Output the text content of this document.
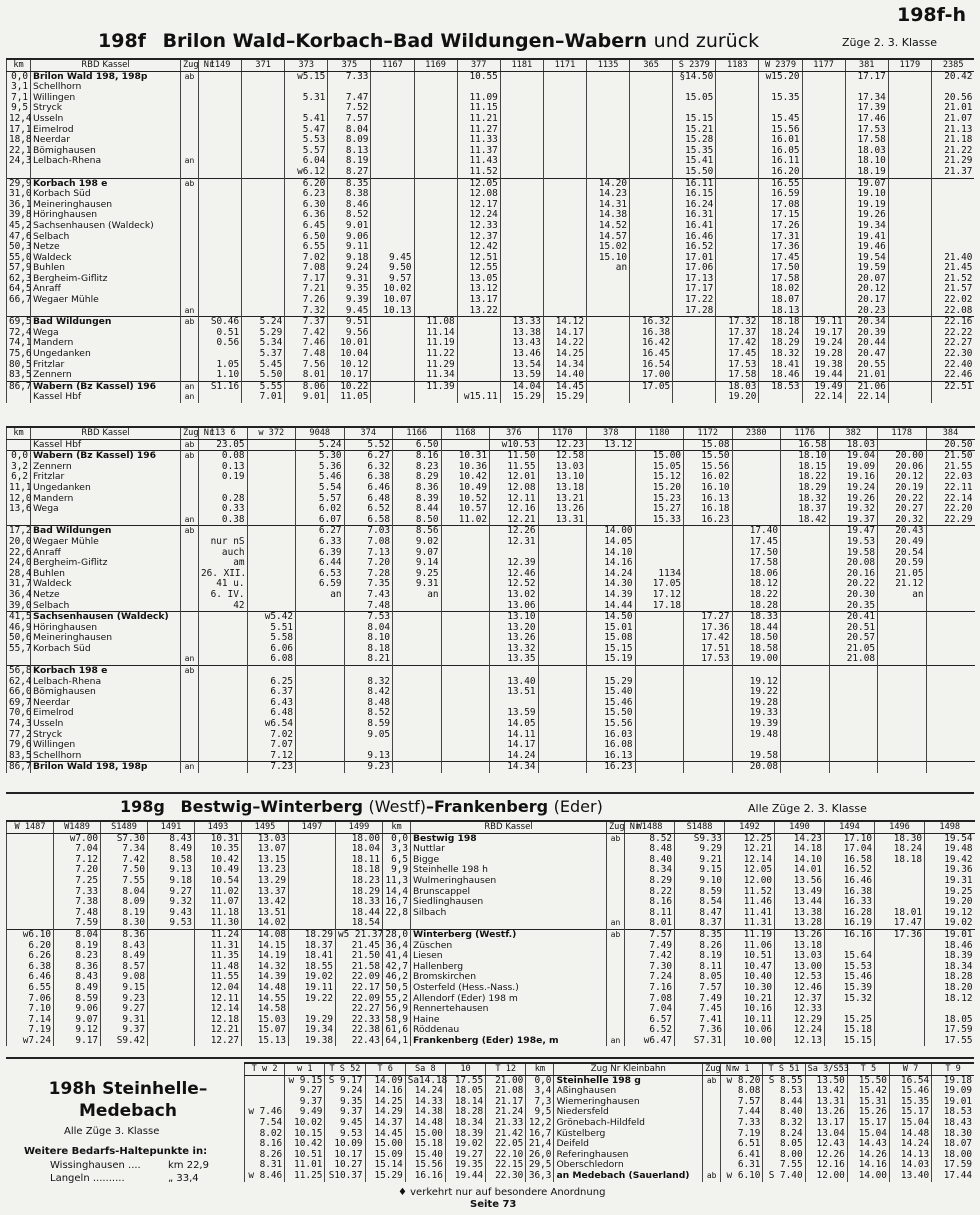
198f-h
198f Brilon Wald–Korbach–Bad Wildungen–Wabern und zurück	Züge 2. 3. Klasse
km	RBD Kassel	Zug Nr	1149	371	373	375	1167	1169	377	1181	1171	1135	365	S 2379	1183	W 2379	1177	381	1179	2385
0,0	Brilon Wald 198, 198p	ab			w5.15	7.33			10.55					§14.50		w15.20		17.17		20.42
3,1	Schellhorn																			
7,1	Willingen				5.31	7.47			11.09					15.05		15.35		17.34		20.56
9,5	Stryck					7.52			11.15									17.39		21.01
12,4	Usseln				5.41	7.57			11.21					15.15		15.45		17.46		21.07
17,1	Eimelrod				5.47	8.04			11.27					15.21		15.56		17.53		21.13
18,8	Neerdar				5.53	8.09			11.33					15.28		16.01		17.58		21.18
22,1	Bömighausen				5.57	8.13			11.37					15.35		16.05		18.03		21.22
24,3	Lelbach-Rhena	an			6.04	8.19			11.43					15.41		16.11		18.10		21.29
					w6.12	8.27			11.52					15.50		16.20		18.19		21.37
29,9	Korbach 198 e	ab			6.20	8.35			12.05			14.20		16.11		16.55		19.07		
31,0	Korbach Süd				6.23	8.38			12.08			14.23		16.15		16.59		19.10		
36,1	Meineringhausen				6.30	8.46			12.17			14.31		16.24		17.08		19.19		
39,8	Höringhausen				6.36	8.52			12.24			14.38		16.31		17.15		19.26		
45,2	Sachsenhausen (Waldeck)				6.45	9.01			12.33			14.52		16.41		17.26		19.34		
47,6	Selbach				6.50	9.06			12.37			14.57		16.46		17.31		19.41		
50,3	Netze				6.55	9.11			12.42			15.02		16.52		17.36		19.46		
55,0	Waldeck				7.02	9.18	9.45		12.51			15.10		17.01		17.45		19.54		21.40
57,9	Buhlen				7.08	9.24	9.50		12.55			an		17.06		17.50		19.59		21.45
62,3	Bergheim-Giflitz				7.17	9.31	9.57		13.05					17.13		17.58		20.07		21.52
64,5	Anraff				7.21	9.35	10.02		13.12					17.17		18.02		20.12		21.57
66,7	Wegaer Mühle				7.26	9.39	10.07		13.17					17.22		18.07		20.17		22.02
		an			7.32	9.45	10.13		13.22					17.28		18.13		20.23		22.08
69,5	Bad Wildungen	ab	S0.46	5.24	7.37	9.51		11.08		13.33	14.12		16.32		17.32	18.18	19.11	20.34		22.16
72,4	Wega		0.51	5.29	7.42	9.56		11.14		13.38	14.17		16.38		17.37	18.24	19.17	20.39		22.22
74,1	Mandern		0.56	5.34	7.46	10.01		11.19		13.43	14.22		16.42		17.42	18.29	19.24	20.44		22.27
75,6	Ungedanken			5.37	7.48	10.04		11.22		13.46	14.25		16.45		17.45	18.32	19.28	20.47		22.30
80,5	Fritzlar		1.05	5.45	7.56	10.12		11.29		13.54	14.34		16.54		17.53	18.41	19.38	20.55		22.40
83,5	Zennern		1.10	5.50	8.01	10.17		11.34		13.59	14.40		17.00		17.58	18.46	19.44	21.01		22.46
86,7	Wabern (Bz Kassel) 196	an	S1.16	5.55	8.06	10.22		11.39		14.04	14.45		17.05		18.03	18.53	19.49	21.06		22.51
	Kassel Hbf	an		7.01	9.01	11.05			w15.11	15.29	15.29				19.20		22.14	22.14		
km	RBD Kassel	Zug Nr	113 6	w 372	9048	374	1166	1168	376	1170	378	1180	1172	2380	1176	382	1178	384
	Kassel Hbf	ab	23.05		5.24	5.52	6.50		w10.53	12.23	13.12		15.08		16.58	18.03		20.50
0,0	Wabern (Bz Kassel) 196	ab	0.08		5.30	6.27	8.16	10.31	11.50	12.58		15.00	15.50		18.10	19.04	20.00	21.50
3,2	Zennern		0.13		5.36	6.32	8.23	10.36	11.55	13.03		15.05	15.56		18.15	19.09	20.06	21.55
6,2	Fritzlar		0.19		5.46	6.38	8.29	10.42	12.01	13.10		15.12	16.02		18.22	19.16	20.12	22.03
11,1	Ungedanken				5.54	6.46	8.36	10.49	12.08	13.18		15.20	16.10		18.29	19.24	20.19	22.11
12,0	Mandern		0.28		5.57	6.48	8.39	10.52	12.11	13.21		15.23	16.13		18.32	19.26	20.22	22.14
13,6	Wega		0.33		6.02	6.52	8.44	10.57	12.16	13.26		15.27	16.18		18.37	19.32	20.27	22.20
		an	0.38		6.07	6.58	8.50	11.02	12.21	13.31		15.33	16.23		18.42	19.37	20.32	22.29
17,2	Bad Wildungen	ab			6.27	7.03	8.56		12.26		14.00			17.40		19.47	20.43	
20,0	Wegaer Mühle		nur nS		6.33	7.08	9.02		12.31		14.05			17.45		19.53	20.49	
22,6	Anraff		auch		6.39	7.13	9.07				14.10			17.50		19.58	20.54	
24,0	Bergheim-Giflitz		am		6.44	7.20	9.14		12.39		14.16			17.58		20.08	20.59	
28,4	Buhlen		26. XII.		6.53	7.28	9.25		12.46		14.24	1134		18.06		20.16	21.05	
31,7	Waldeck		41 u.		6.59	7.35	9.31		12.52		14.30	17.05		18.12		20.22	21.12	
36,4	Netze		6. IV.		an	7.43	an		13.02		14.39	17.12		18.22		20.30	an	
39,0	Selbach		42			7.48			13.06		14.44	17.18		18.28		20.35		
41,5	Sachsenhausen (Waldeck)			w5.42		7.53			13.10		14.50		17.27	18.33		20.41		
46,9	Höringhausen			5.51		8.04			13.20		15.01		17.36	18.44		20.51		
50,6	Meineringhausen			5.58		8.10			13.26		15.08		17.42	18.50		20.57		
55,7	Korbach Süd			6.06		8.18			13.32		15.15		17.51	18.58		21.05		
		an		6.08		8.21			13.35		15.19		17.53	19.00		21.08		
56,8	Korbach 198 e	ab																
62,4	Lelbach-Rhena			6.25		8.32			13.40		15.29			19.12				
66,0	Bömighausen			6.37		8.42			13.51		15.40			19.22				
69,7	Neerdar			6.43		8.48					15.46			19.28				
70,6	Eimelrod			6.48		8.52			13.59		15.50			19.33				
74,3	Usseln			w6.54		8.59			14.05		15.56			19.39				
77,2	Stryck			7.02		9.05			14.11		16.03			19.48				
79,6	Willingen			7.07					14.17		16.08							
83,5	Schellhorn			7.12		9.13			14.24		16.13			19.58				
86,7	Brilon Wald 198, 198p	an		7.23		9.23			14.34		16.23			20.08				
198g Bestwig–Winterberg (Westf)–Frankenberg (Eder)	Alle Züge 2. 3. Klasse
W 1487	W1489	S1489	1491	1493	1495	1497	1499	km	RBD Kassel	Zug Nr	W1488	S1488	1492	1490	1494	1496	1498
	w7.00	S7.30	8.43	10.31	13.03		18.00	0,0	Bestwig 198	ab	8.52	S9.33	12.25	14.23	17.10	18.30	19.54
	7.04	7.34	8.49	10.35	13.07		18.04	3,3	Nuttlar		8.48	9.29	12.21	14.18	17.04	18.24	19.48
	7.12	7.42	8.58	10.42	13.15		18.11	6,5	Bigge		8.40	9.21	12.14	14.10	16.58	18.18	19.42
	7.20	7.50	9.13	10.49	13.23		18.18	9,9	Steinhelle 198 h		8.34	9.15	12.05	14.01	16.52		19.36
	7.25	7.55	9.18	10.54	13.29		18.23	11,3	Wulmeringhausen		8.29	9.10	12.00	13.56	16.46		19.31
	7.33	8.04	9.27	11.02	13.37		18.29	14,4	Brunscappel		8.22	8.59	11.52	13.49	16.38		19.25
	7.38	8.09	9.32	11.07	13.42		18.33	16,7	Siedlinghausen		8.16	8.54	11.46	13.44	16.33		19.20
	7.48	8.19	9.43	11.18	13.51		18.44	22,8	Silbach		8.11	8.47	11.41	13.38	16.28	18.01	19.12
	7.59	8.30	9.53	11.30	14.02		18.54			an	8.01	8.37	11.31	13.28	16.19	17.47	19.02
w6.10	8.04	8.36		11.24	14.08	18.29	w5 21.37	28,0	Winterberg (Westf.)	ab	7.57	8.35	11.19	13.26	16.16	17.36	19.01
6.20	8.19	8.43		11.31	14.15	18.37	21.45	36,4	Züschen		7.49	8.26	11.06	13.18			18.46
6.26	8.23	8.49		11.35	14.19	18.41	21.50	41,4	Liesen		7.42	8.19	10.51	13.03	15.64		18.39
6.38	8.36	8.57		11.48	14.32	18.55	21.58	42,7	Hallenberg		7.30	8.11	10.47	13.00	15.53		18.34
6.46	8.43	9.08		11.55	14.39	19.02	22.09	46,2	Bromskirchen		7.24	8.05	10.40	12.53	15.46		18.28
6.55	8.49	9.15		12.04	14.48	19.11	22.17	50,5	Osterfeld (Hess.-Nass.)		7.16	7.57	10.30	12.46	15.39		18.20
7.06	8.59	9.23		12.11	14.55	19.22	22.09	55,2	Allendorf (Eder) 198 m		7.08	7.49	10.21	12.37	15.32		18.12
7.10	9.06	9.27		12.14	14.58		22.27	56,9	Rennertehausen		7.04	7.45	10.16	12.33			
7.14	9.07	9.31		12.18	15.03	19.29	22.33	58,9	Haine		6.57	7.41	10.11	12.29	15.25		18.05
7.19	9.12	9.37		12.21	15.07	19.34	22.38	61,6	Röddenau		6.52	7.36	10.06	12.24	15.18		17.59
w7.24	9.17	S9.42		12.27	15.13	19.38	22.43	64,1	Frankenberg (Eder) 198e, m	an	w6.47	S7.31	10.00	12.13	15.15		17.55
198h Steinhelle–
Medebach
Alle Züge 3. Klasse
Weitere Bedarfs-Haltepunkte in:
Wissinghausen ....	km 22,9
Langeln ..........	„ 33,4
T w 2	w 1	T S 52	T 6	Sa 8	10	T 12	km	Zug Nr Kleinbahn	Zug Nr	w 1	T S 51	Sa 3/S53	T 5	W 7	T 9
	w 9.15	S 9.17	14.09	Sa14.18	17.55	21.00	0,0	Steinhelle 198 g	ab	w 8.20	S 8.55	13.50	15.50	16.54	19.18
	9.27	9.24	14.16	14.24	18.05	21.08	3,4	Aßinghausen		8.08	8.53	13.42	15.42	15.46	19.09
	9.37	9.35	14.25	14.33	18.14	21.17	7,3	Wiemeringhausen		7.57	8.44	13.31	15.31	15.35	19.01
w 7.46	9.49	9.37	14.29	14.38	18.28	21.24	9,5	Niedersfeld		7.44	8.40	13.26	15.26	15.17	18.53
7.54	10.02	9.45	14.37	14.48	18.34	21.33	12,2	Grönebach-Hildfeld		7.33	8.32	13.17	15.17	15.04	18.43
8.02	10.15	9.53	14.45	15.00	18.39	21.42	16,7	Küstelberg		7.19	8.24	13.04	15.04	14.48	18.30
8.16	10.42	10.09	15.00	15.18	19.02	22.05	21,4	Deifeld		6.51	8.05	12.43	14.43	14.24	18.07
8.26	10.51	10.17	15.09	15.40	19.27	22.10	26,0	Referinghausen		6.41	8.00	12.26	14.26	14.13	18.00
8.31	11.01	10.27	15.14	15.56	19.35	22.15	29,5	Oberschledorn		6.31	7.55	12.16	14.16	14.03	17.59
w 8.46	11.25	S10.37	15.29	16.16	19.44	22.30	36,3	an Medebach (Sauerland)	ab	w 6.10	S 7.40	12.00	14.00	13.40	17.44
♦ verkehrt nur auf besondere Anordnung
Seite 73
